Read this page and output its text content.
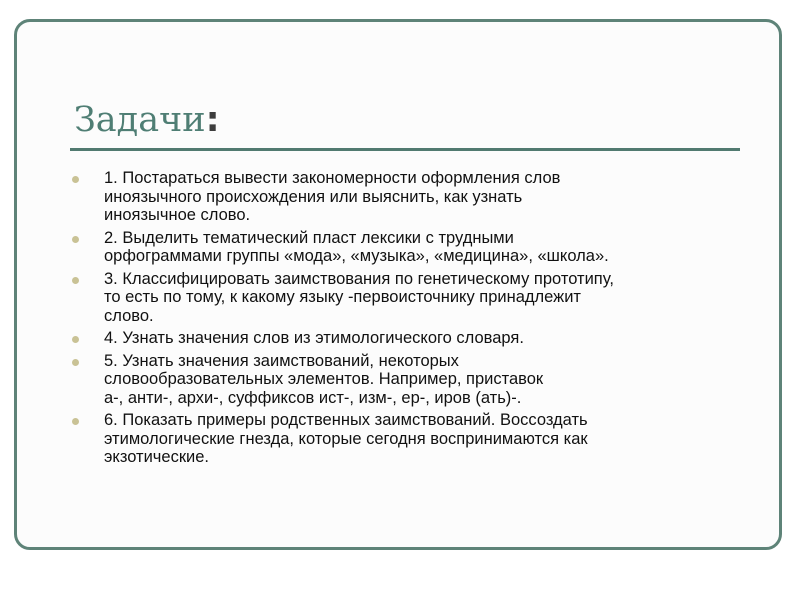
Задачи:
1. Постараться вывести закономерности оформления слов
иноязычного происхождения или выяснить, как узнать
иноязычное слово.
2. Выделить тематический пласт лексики с трудными
орфограммами группы «мода», «музыка», «медицина», «школа».
3. Классифицировать заимствования по генетическому прототипу,
то есть по тому, к какому языку -первоисточнику принадлежит
слово.
4. Узнать значения слов из этимологического словаря.
5. Узнать значения заимствований, некоторых
словообразовательных элементов. Например, приставок
а-, анти-, архи-, суффиксов ист-, изм-, ер-, иров (ать)-.
6. Показать примеры родственных заимствований. Воссоздать
этимологические гнезда, которые сегодня воспринимаются как
экзотические.
